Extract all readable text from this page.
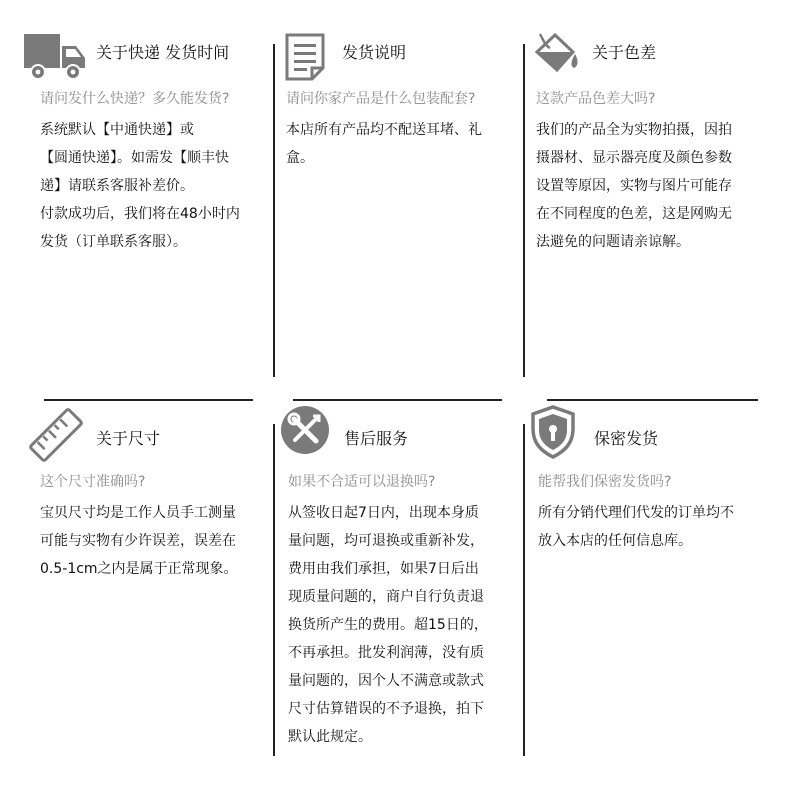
关于快递 发货时间
请问发什么快递？多久能发货?

系统默认【中通快递】或

【圆通快递】。如需发【顺丰快

递】请联系客服补差价。

付款成功后，我们将在48小时内

发货（订单联系客服）。

发货说明
请问你家产品是什么包装配套?

本店所有产品均不配送耳堵、礼

盒。

关于色差
这款产品色差大吗?

我们的产品全为实物拍摄，因拍

摄器材、显示器亮度及颜色参数

设置等原因，实物与图片可能存

在不同程度的色差，这是网购无

法避免的问题请亲谅解。

关于尺寸
这个尺寸准确吗?

宝贝尺寸均是工作人员手工测量

可能与实物有少许误差，误差在

0.5-1cm之内是属于正常现象。

售后服务
如果不合适可以退换吗?

从签收日起7日内，出现本身质

量问题，均可退换或重新补发，

费用由我们承担，如果7日后出

现质量问题的，商户自行负责退

换货所产生的费用。超15日的，

不再承担。批发利润薄，没有质

量问题的，因个人不满意或款式

尺寸估算错误的不予退换，拍下

默认此规定。

保密发货
能帮我们保密发货吗?

所有分销代理们代发的订单均不

放入本店的任何信息库。
